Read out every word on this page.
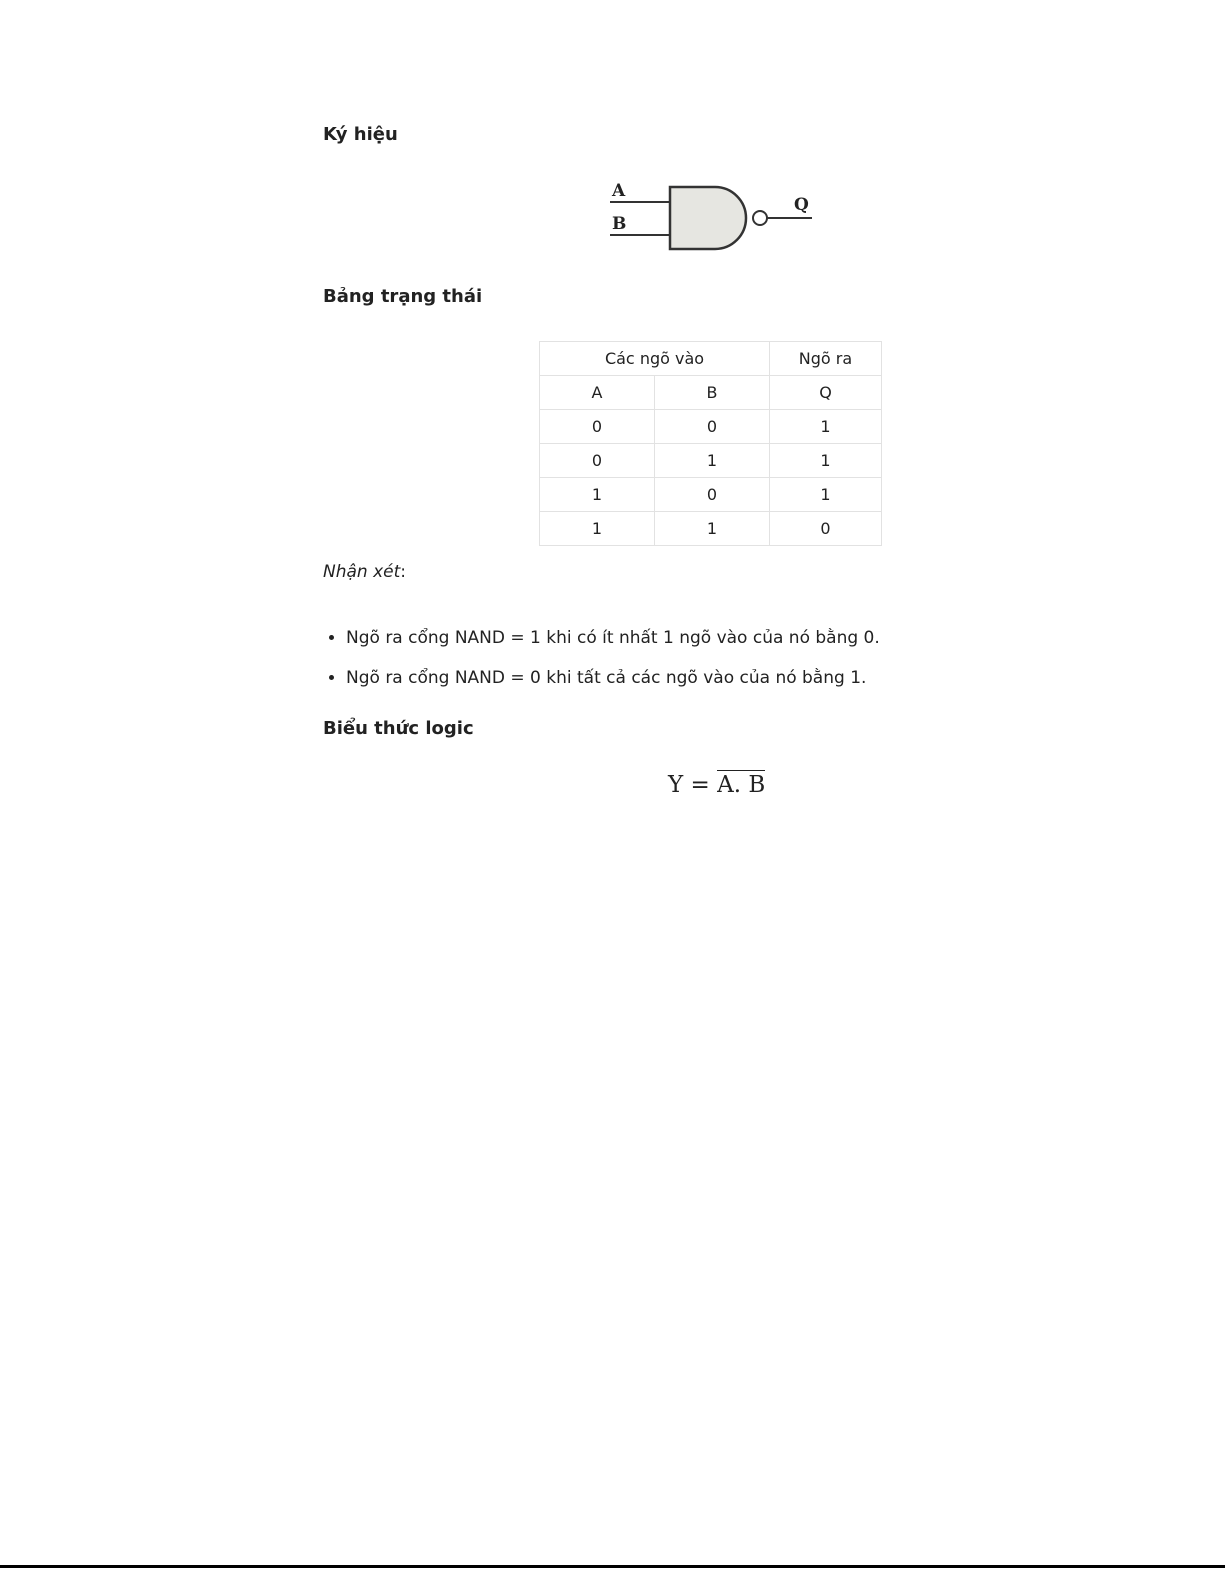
Ký hiệu
A
B
Q
Bảng trạng thái
Các ngõ vào		Ngõ ra
A	B	Q
0	0	1
0	1	1
1	0	1
1	1	0

Nhận xét:

• Ngõ ra cổng NAND = 1 khi có ít nhất 1 ngõ vào của nó bằng 0.
• Ngõ ra cổng NAND = 0 khi tất cả các ngõ vào của nó bằng 1.
Biểu thức logic
Y = A. B
